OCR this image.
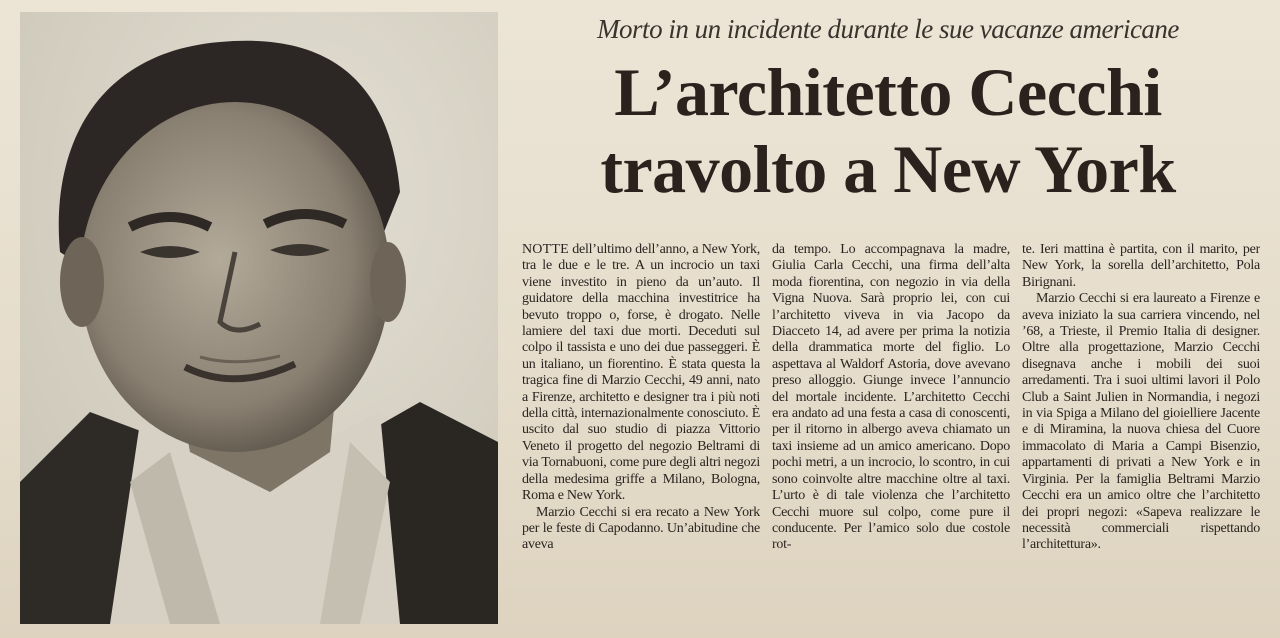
Morto in un incidente durante le sue vacanze americane
L’architetto Cecchi
travolto a New York

NOTTE dell’ultimo dell’anno, a New York, tra le due e le tre. A un incrocio un taxi viene investito in pieno da un’auto. Il guidatore della macchina investitrice ha bevuto troppo o, forse, è drogato. Nelle lamiere del taxi due morti. Deceduti sul colpo il tassista e uno dei due passeggeri. È un italiano, un fiorentino. È stata questa la tragica fine di Marzio Cecchi, 49 anni, nato a Firenze, architetto e designer tra i più noti della città, internazionalmente conosciuto. È uscito dal suo studio di piazza Vittorio Veneto il progetto del negozio Beltrami di via Tornabuoni, come pure degli altri negozi della medesima griffe a Milano, Bologna, Roma e New York.

Marzio Cecchi si era recato a New York per le feste di Capodanno. Un’abitudine che aveva

da tempo. Lo accompagnava la madre, Giulia Carla Cecchi, una firma dell’alta moda fiorentina, con negozio in via della Vigna Nuova. Sarà proprio lei, con cui l’architetto viveva in via Jacopo da Diacceto 14, ad avere per prima la notizia della drammatica morte del figlio. Lo aspettava al Waldorf Astoria, dove avevano preso alloggio. Giunge invece l’annuncio del mortale incidente. L’architetto Cecchi era andato ad una festa a casa di conoscenti, per il ritorno in albergo aveva chiamato un taxi insieme ad un amico americano. Dopo pochi metri, a un incrocio, lo scontro, in cui sono coinvolte altre macchine oltre al taxi. L’urto è di tale violenza che l’architetto Cecchi muore sul colpo, come pure il conducente. Per l’amico solo due costole rot-

te. Ieri mattina è partita, con il marito, per New York, la sorella dell’architetto, Pola Birignani.

Marzio Cecchi si era laureato a Firenze e aveva iniziato la sua carriera vincendo, nel ’68, a Trieste, il Premio Italia di designer. Oltre alla progettazione, Marzio Cecchi disegnava anche i mobili dei suoi arredamenti. Tra i suoi ultimi lavori il Polo Club a Saint Julien in Normandia, i negozi in via Spiga a Milano del gioielliere Jacente e di Miramina, la nuova chiesa del Cuore immacolato di Maria a Campi Bisenzio, appartamenti di privati a New York e in Virginia. Per la famiglia Beltrami Marzio Cecchi era un amico oltre che l’architetto dei propri negozi: «Sapeva realizzare le necessità commerciali rispettando l’architettura».
